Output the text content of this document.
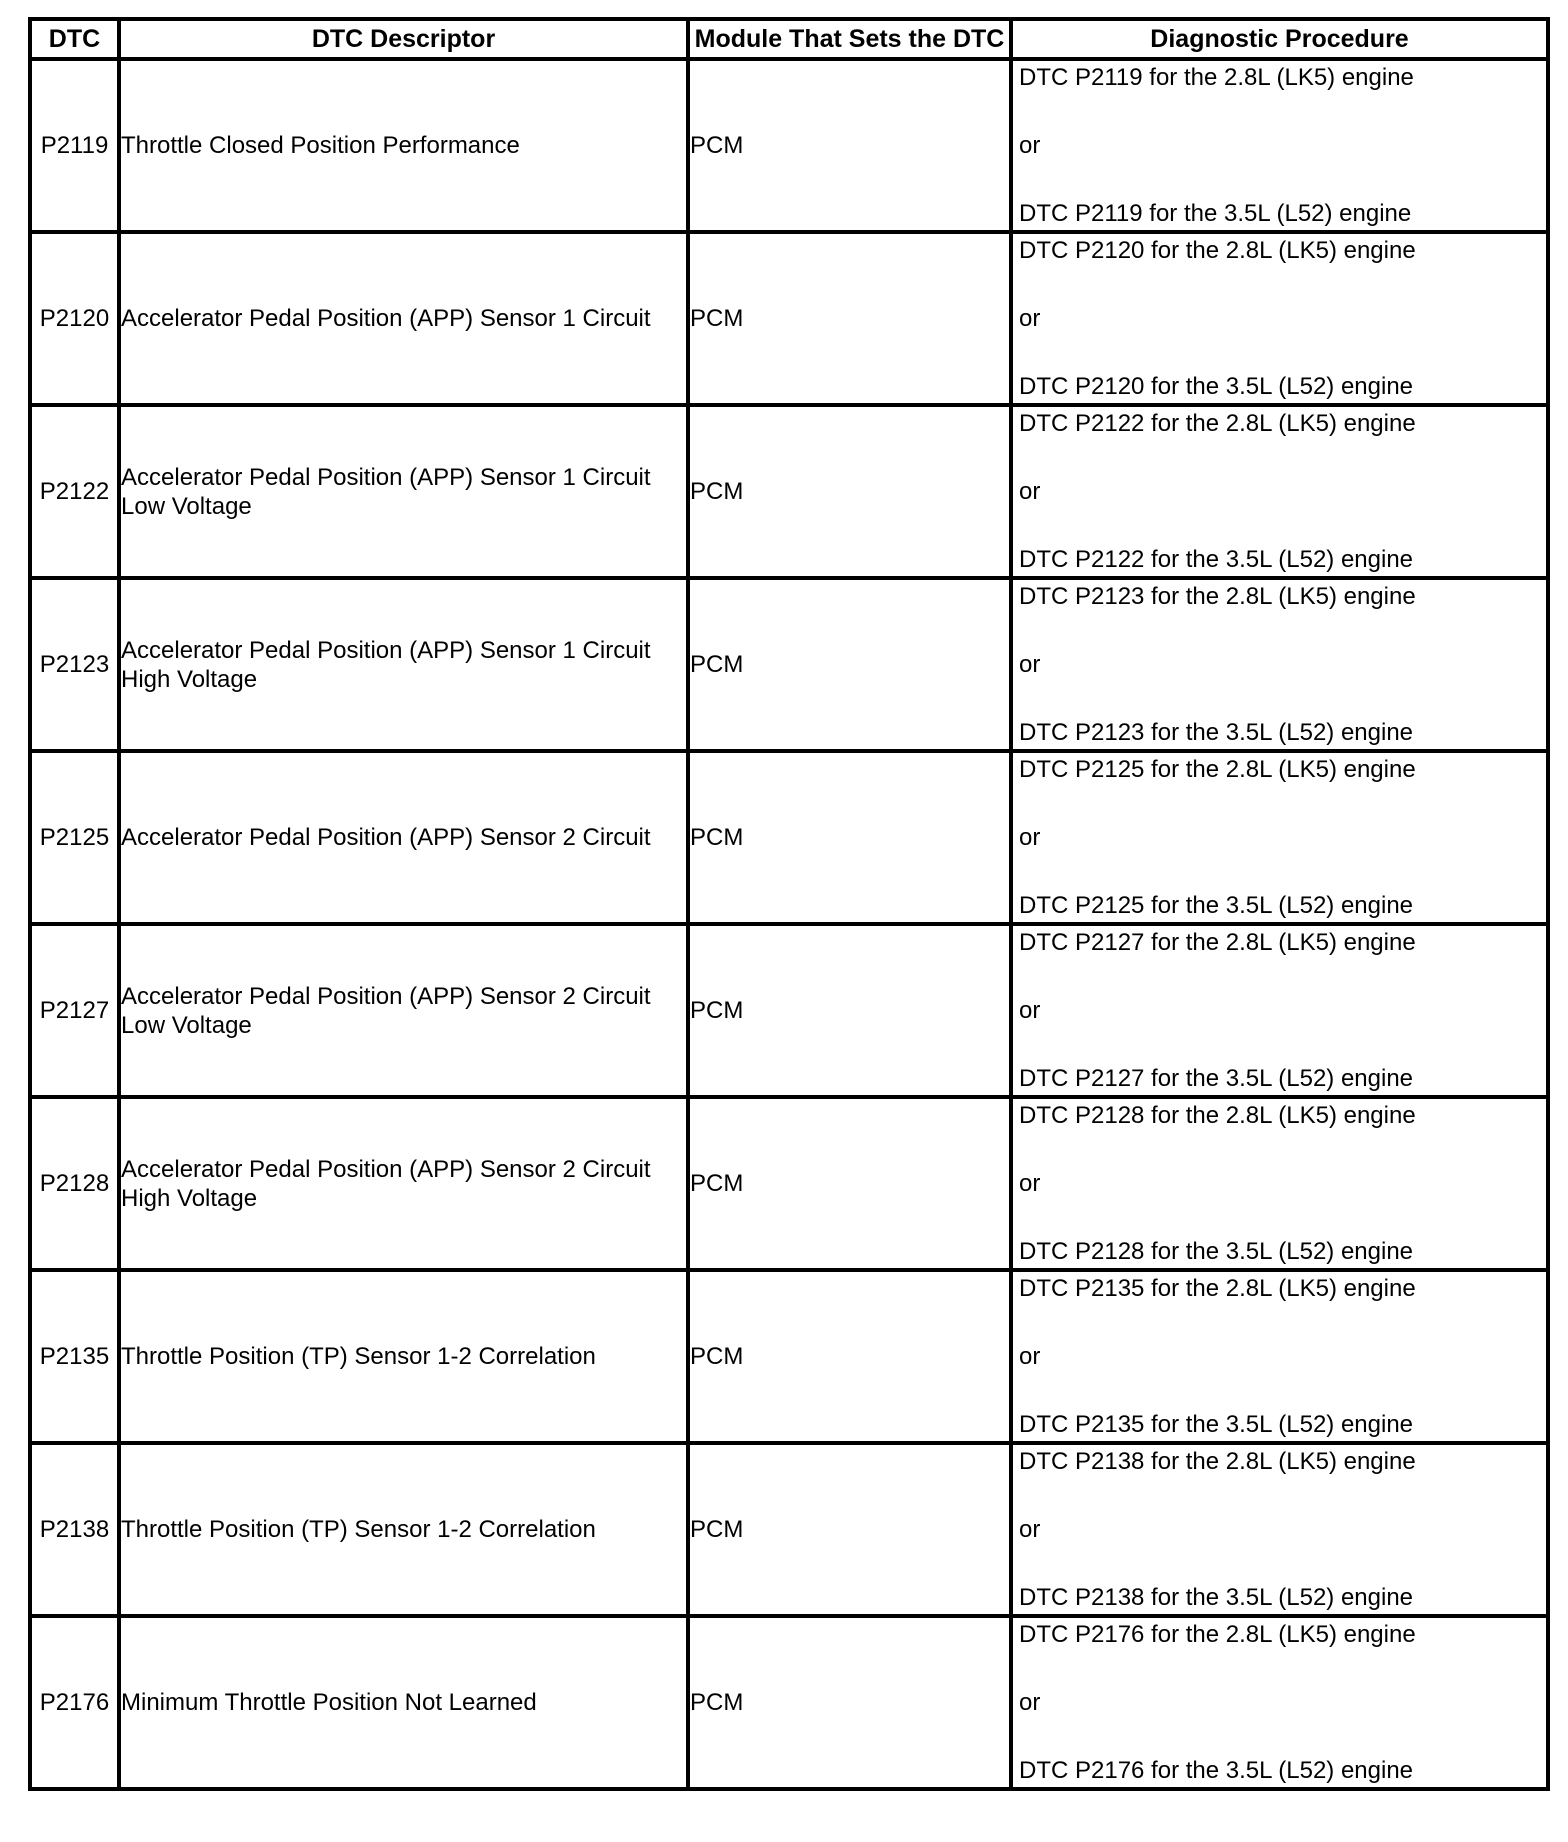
DTC	DTC Descriptor	Module That Sets the DTC	Diagnostic Procedure
P2119	Throttle Closed Position Performance	PCM	DTC P2119 for the 2.8L (LK5) engine
or
DTC P2119 for the 3.5L (L52) engine

P2120	Accelerator Pedal Position (APP) Sensor 1 Circuit	PCM	DTC P2120 for the 2.8L (LK5) engine
or
DTC P2120 for the 3.5L (L52) engine

P2122	Accelerator Pedal Position (APP) Sensor 1 Circuit Low Voltage	PCM	DTC P2122 for the 2.8L (LK5) engine
or
DTC P2122 for the 3.5L (L52) engine

P2123	Accelerator Pedal Position (APP) Sensor 1 Circuit High Voltage	PCM	DTC P2123 for the 2.8L (LK5) engine
or
DTC P2123 for the 3.5L (L52) engine

P2125	Accelerator Pedal Position (APP) Sensor 2 Circuit	PCM	DTC P2125 for the 2.8L (LK5) engine
or
DTC P2125 for the 3.5L (L52) engine

P2127	Accelerator Pedal Position (APP) Sensor 2 Circuit Low Voltage	PCM	DTC P2127 for the 2.8L (LK5) engine
or
DTC P2127 for the 3.5L (L52) engine

P2128	Accelerator Pedal Position (APP) Sensor 2 Circuit High Voltage	PCM	DTC P2128 for the 2.8L (LK5) engine
or
DTC P2128 for the 3.5L (L52) engine

P2135	Throttle Position (TP) Sensor 1-2 Correlation	PCM	DTC P2135 for the 2.8L (LK5) engine
or
DTC P2135 for the 3.5L (L52) engine

P2138	Throttle Position (TP) Sensor 1-2 Correlation	PCM	DTC P2138 for the 2.8L (LK5) engine
or
DTC P2138 for the 3.5L (L52) engine

P2176	Minimum Throttle Position Not Learned	PCM	DTC P2176 for the 2.8L (LK5) engine
or
DTC P2176 for the 3.5L (L52) engine
